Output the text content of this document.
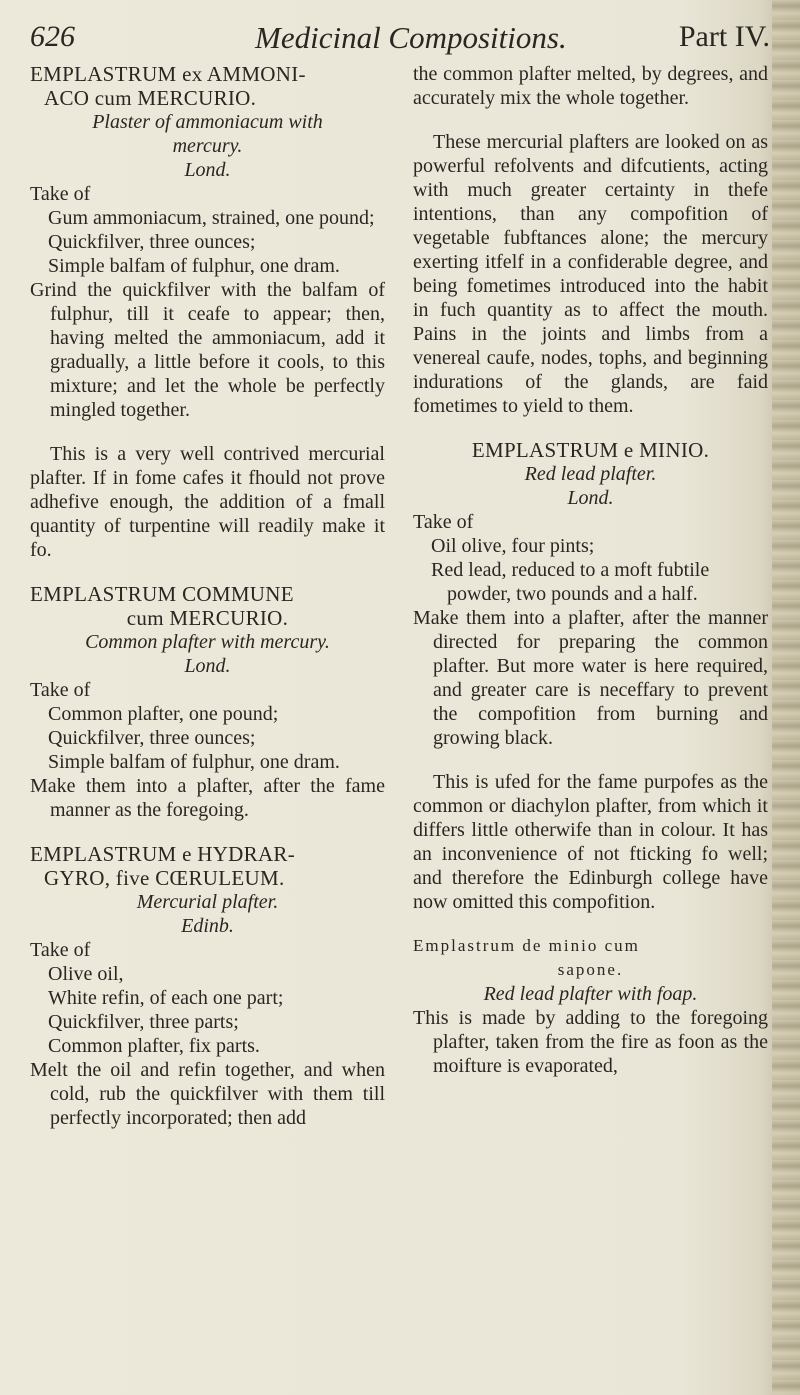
626	Medicinal Compositions.	Part IV.

EMPLASTRUM ex AMMONI-

ACO cum MERCURIO.

Plaster of ammoniacum with

mercury.

Lond.

Take of

Gum ammoniacum, strained, one pound;

Quickfilver, three ounces;

Simple balfam of fulphur, one dram.

Grind the quickfilver with the balfam of fulphur, till it ceafe to appear; then, having melted the ammoniacum, add it gradually, a little before it cools, to this mixture; and let the whole be perfectly mingled together.

This is a very well contrived mercurial plafter. If in fome cafes it fhould not prove adhefive enough, the addition of a fmall quantity of turpentine will readily make it fo.

EMPLASTRUM COMMUNE

cum MERCURIO.

Common plafter with mercury.

Lond.

Take of

Common plafter, one pound;

Quickfilver, three ounces;

Simple balfam of fulphur, one dram.

Make them into a plafter, after the fame manner as the foregoing.

EMPLASTRUM e HYDRAR-

GYRO, five CŒRULEUM.

Mercurial plafter.

Edinb.

Take of

Olive oil,

White refin, of each one part;

Quickfilver, three parts;

Common plafter, fix parts.

Melt the oil and refin together, and when cold, rub the quickfilver with them till perfectly incorporated; then add

the common plafter melted, by degrees, and accurately mix the whole together.

These mercurial plafters are looked on as powerful refolvents and difcutients, acting with much greater certainty in thefe intentions, than any compofition of vegetable fubftances alone; the mercury exerting itfelf in a confiderable degree, and being fometimes introduced into the habit in fuch quantity as to affect the mouth. Pains in the joints and limbs from a venereal caufe, nodes, tophs, and beginning indurations of the glands, are faid fometimes to yield to them.

EMPLASTRUM e MINIO.

Red lead plafter.

Lond.

Take of

Oil olive, four pints;

Red lead, reduced to a moft fubtile powder, two pounds and a half.

Make them into a plafter, after the manner directed for preparing the common plafter. But more water is here required, and greater care is neceffary to prevent the compofition from burning and growing black.

This is ufed for the fame purpofes as the common or diachylon plafter, from which it differs little otherwife than in colour. It has an inconvenience of not fticking fo well; and therefore the Edinburgh college have now omitted this compofition.

Emplastrum de minio cum

sapone.

Red lead plafter with foap.

This is made by adding to the foregoing plafter, taken from the fire as foon as the moifture is evaporated,
